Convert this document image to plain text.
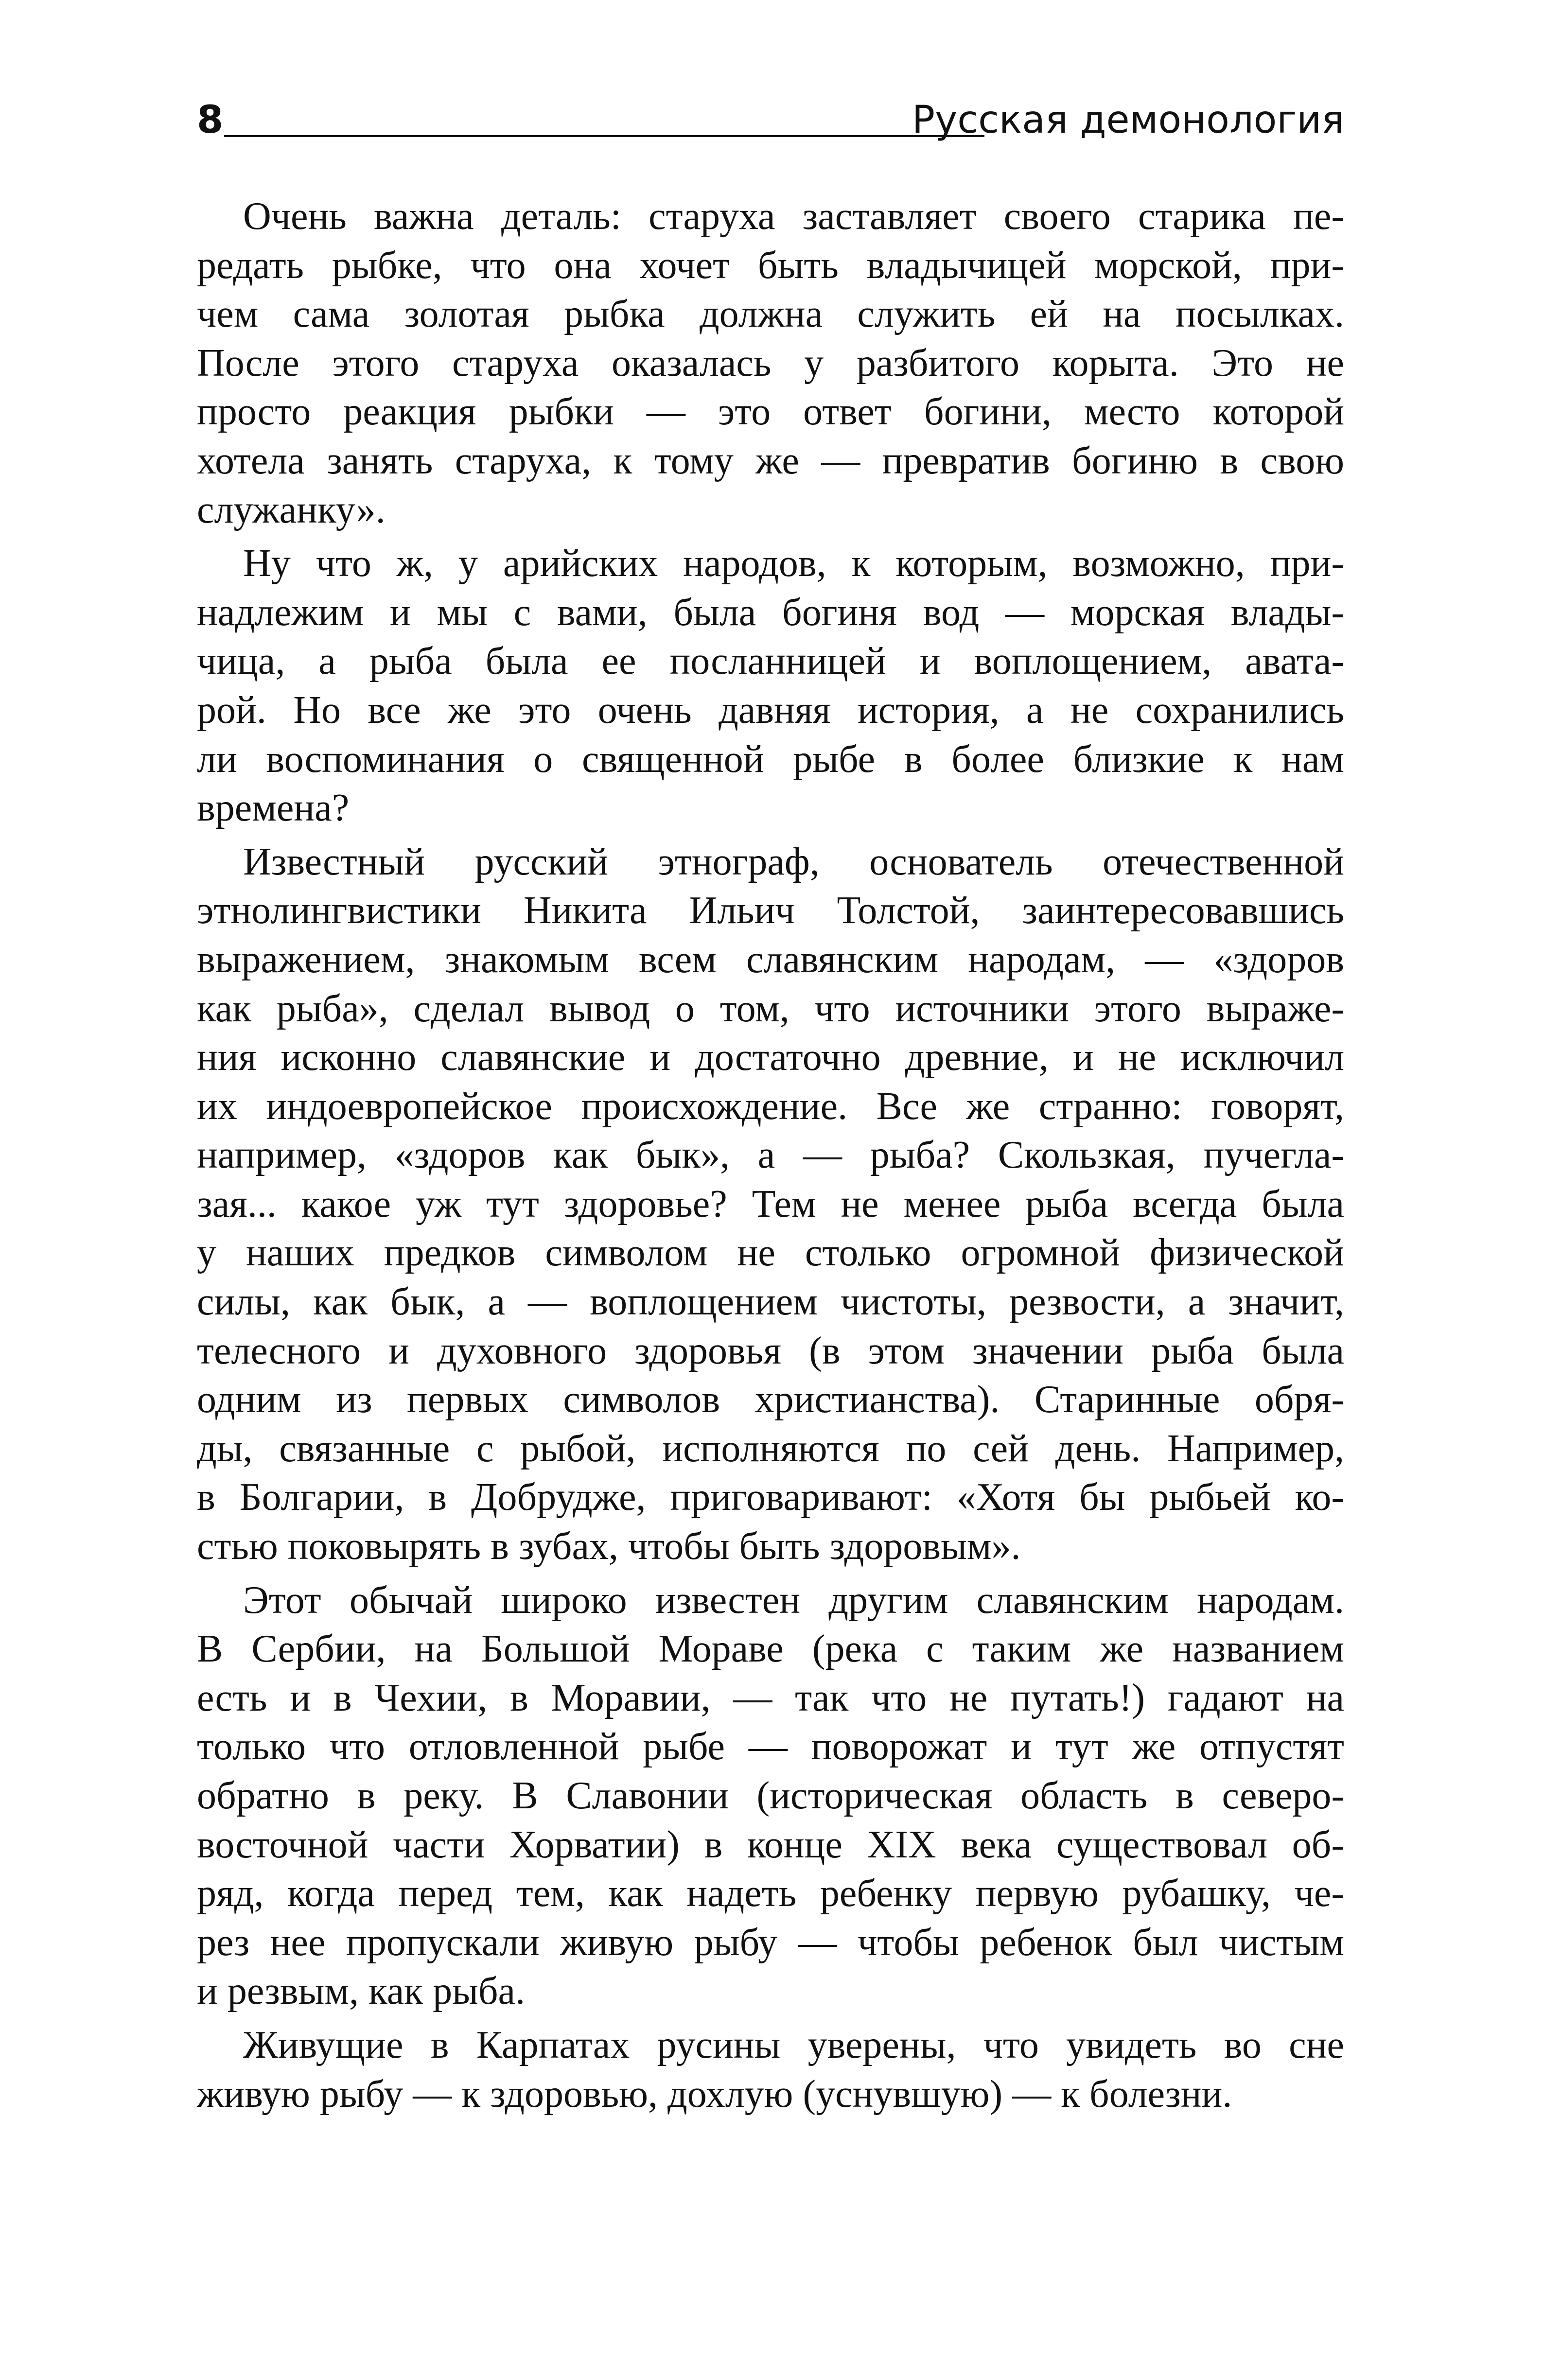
8	Русская демонология
Очень важна деталь: старуха заставляет своего старика пе-
редать рыбке, что она хочет быть владычицей морской, при-
чем сама золотая рыбка должна служить ей на посылках.
После этого старуха оказалась у разбитого корыта. Это не
просто реакция рыбки — это ответ богини, место которой
хотела занять старуха, к тому же — превратив богиню в свою
служанку».
Ну что ж, у арийских народов, к которым, возможно, при-
надлежим и мы с вами, была богиня вод — морская влады-
чица, а рыба была ее посланницей и воплощением, авата-
рой. Но все же это очень давняя история, а не сохранились
ли воспоминания о священной рыбе в более близкие к нам
времена?
Известный русский этнограф, основатель отечественной
этнолингвистики Никита Ильич Толстой, заинтересовавшись
выражением, знакомым всем славянским народам, — «здоров
как рыба», сделал вывод о том, что источники этого выраже-
ния исконно славянские и достаточно древние, и не исключил
их индоевропейское происхождение. Все же странно: говорят,
например, «здоров как бык», а — рыба? Скользкая, пучегла-
зая... какое уж тут здоровье? Тем не менее рыба всегда была
у наших предков символом не столько огромной физической
силы, как бык, а — воплощением чистоты, резвости, а значит,
телесного и духовного здоровья (в этом значении рыба была
одним из первых символов христианства). Старинные обря-
ды, связанные с рыбой, исполняются по сей день. Например,
в Болгарии, в Добрудже, приговаривают: «Хотя бы рыбьей ко-
стью поковырять в зубах, чтобы быть здоровым».
Этот обычай широко известен другим славянским народам.
В Сербии, на Большой Мораве (река с таким же названием
есть и в Чехии, в Моравии, — так что не путать!) гадают на
только что отловленной рыбе — поворожат и тут же отпустят
обратно в реку. В Славонии (историческая область в северо-
восточной части Хорватии) в конце XIX века существовал об-
ряд, когда перед тем, как надеть ребенку первую рубашку, че-
рез нее пропускали живую рыбу — чтобы ребенок был чистым
и резвым, как рыба.
Живущие в Карпатах русины уверены, что увидеть во сне
живую рыбу — к здоровью, дохлую (уснувшую) — к болезни.
